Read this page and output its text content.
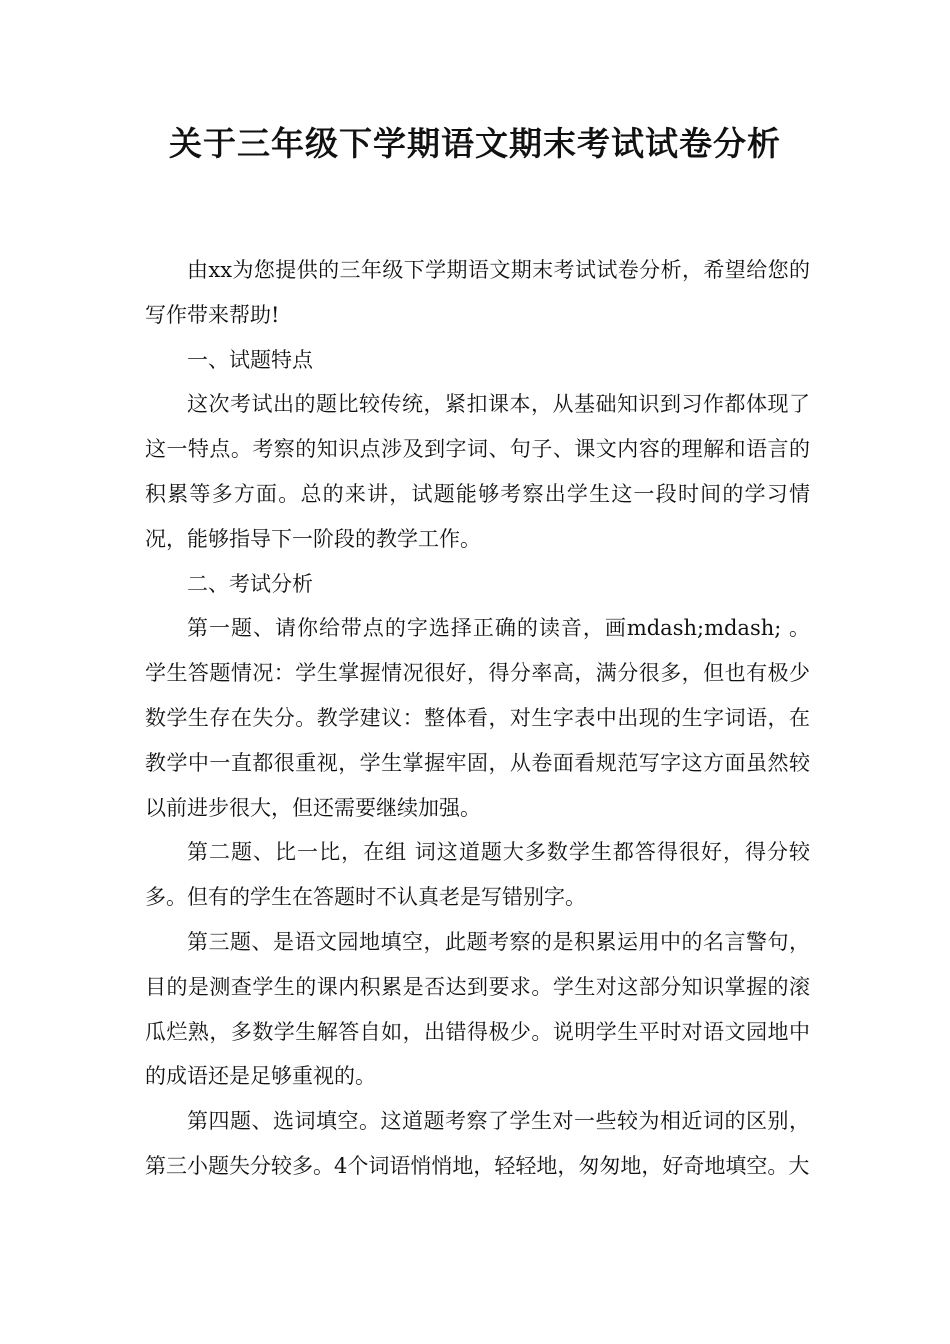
关于三年级下学期语文期末考试试卷分析

由xx为您提供的三年级下学期语文期末考试试卷分析，希望给您的写作带来帮助!

一、试题特点

这次考试出的题比较传统，紧扣课本，从基础知识到习作都体现了这一特点。考察的知识点涉及到字词、句子、课文内容的理解和语言的积累等多方面。总的来讲，试题能够考察出学生这一段时间的学习情况，能够指导下一阶段的教学工作。

二、考试分析

第一题、请你给带点的字选择正确的读音，画mdash;mdash; 。学生答题情况：学生掌握情况很好，得分率高，满分很多，但也有极少数学生存在失分。教学建议：整体看，对生字表中出现的生字词语，在教学中一直都很重视，学生掌握牢固，从卷面看规范写字这方面虽然较以前进步很大，但还需要继续加强。

第二题、比一比，在组 词这道题大多数学生都答得很好，得分较多。但有的学生在答题时不认真老是写错别字。

第三题、是语文园地填空，此题考察的是积累运用中的名言警句，目的是测查学生的课内积累是否达到要求。学生对这部分知识掌握的滚瓜烂熟，多数学生解答自如，出错得极少。说明学生平时对语文园地中的成语还是足够重视的。

第四题、选词填空。这道题考察了学生对一些较为相近词的区别，第三小题失分较多。4个词语悄悄地，轻轻地，匆匆地，好奇地填空。大
